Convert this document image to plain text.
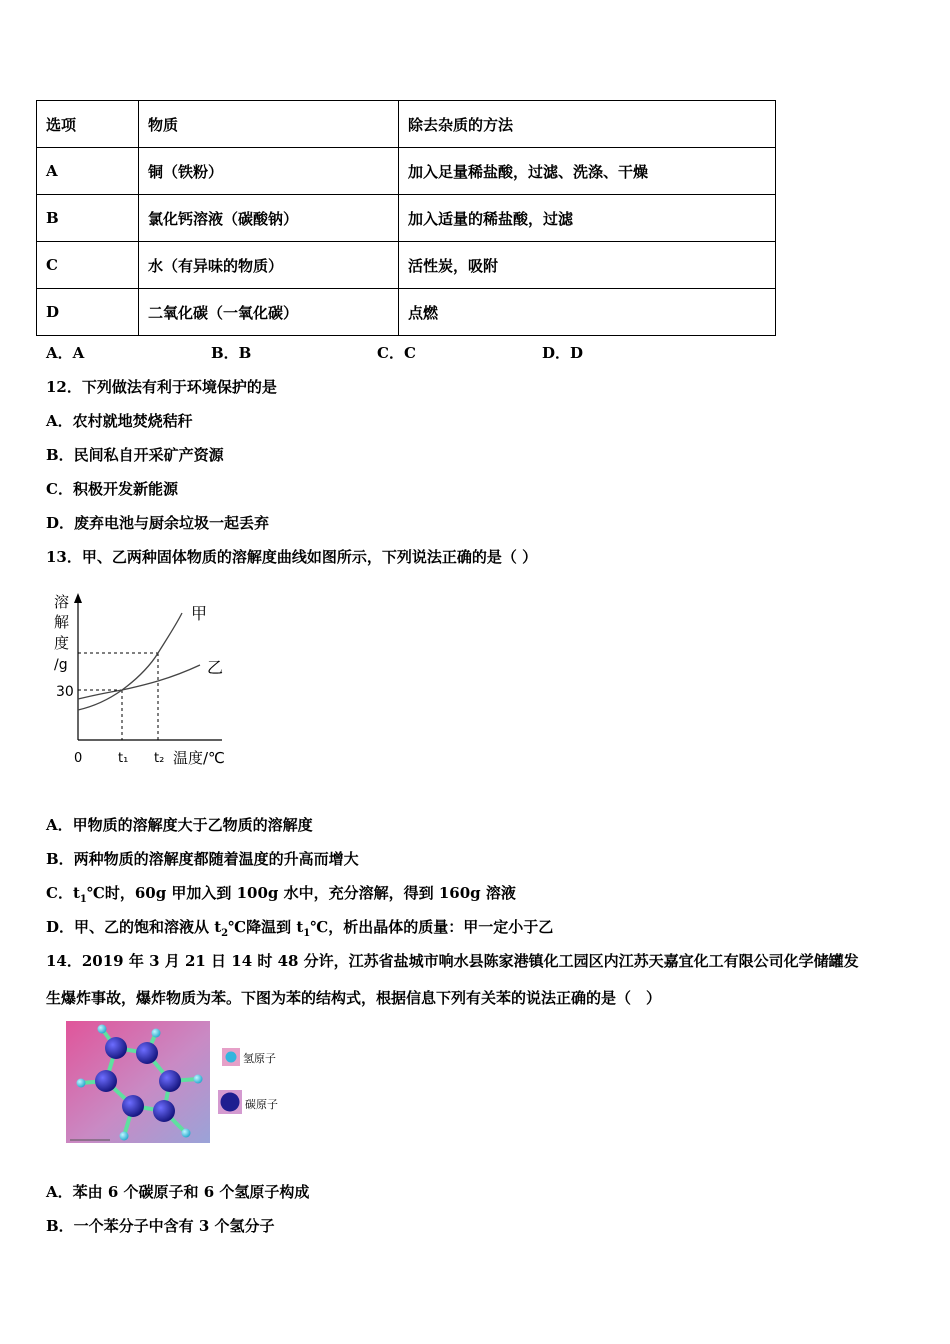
选项	物质	除去杂质的方法
A	铜（铁粉）	加入足量稀盐酸，过滤、洗涤、干燥
B	氯化钙溶液（碳酸钠）	加入适量的稀盐酸，过滤
C	水（有异味的物质）	活性炭，吸附
D	二氧化碳（一氧化碳）	点燃
A．A	B．B	C．C	D．D
12．下列做法有利于环境保护的是
A．农村就地焚烧秸秆
B．民间私自开采矿产资源
C．积极开发新能源
D．废弃电池与厨余垃圾一起丢弃
13．甲、乙两种固体物质的溶解度曲线如图所示，下列说法正确的是（ ）
溶
解
度
/g
30
甲
乙
0	t₁ t₂ 温度/℃
A．甲物质的溶解度大于乙物质的溶解度
B．两种物质的溶解度都随着温度的升高而增大
C．$t_1℃$时，60g 甲加入到 100g 水中，充分溶解，得到 160g 溶液
D．甲、乙的饱和溶液从 $t_2℃$降温到 $t_1℃$，析出晶体的质量：甲一定小于乙
14．2019 年 3 月 21 日 14 时 48 分许，江苏省盐城市响水县陈家港镇化工园区内江苏天嘉宜化工有限公司化学储罐发
生爆炸事故，爆炸物质为苯。下图为苯的结构式，根据信息下列有关苯的说法正确的是（　）
氢原子
碳原子
A．苯由 6 个碳原子和 6 个氢原子构成
B．一个苯分子中含有 3 个氢分子
